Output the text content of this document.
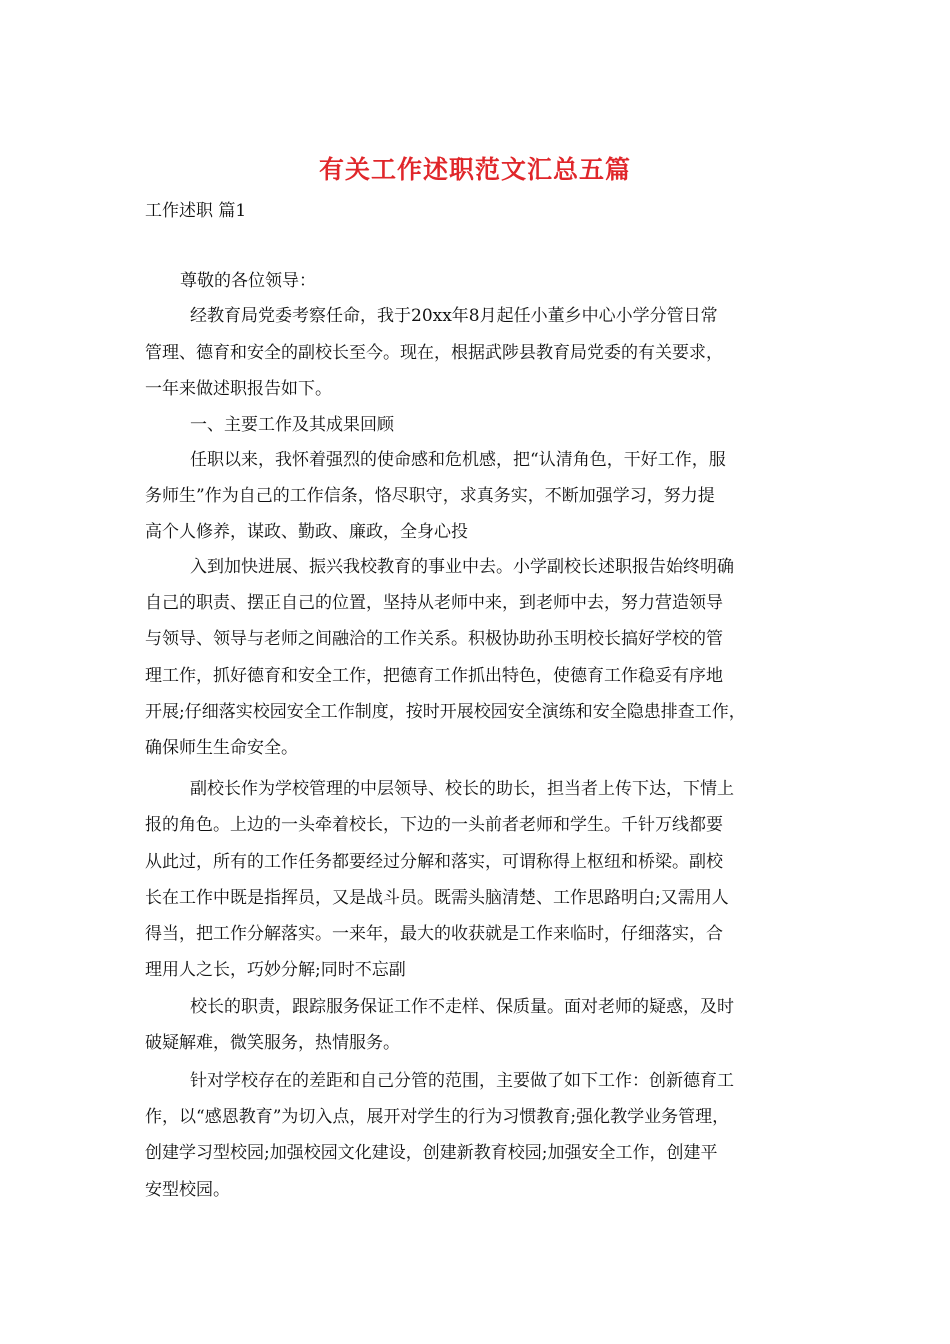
有关工作述职范文汇总五篇
工作述职 篇1
尊敬的各位领导：
经教育局党委考察任命，我于20xx年8月起任小董乡中心小学分管日常
管理、德育和安全的副校长至今。现在，根据武陟县教育局党委的有关要求，
一年来做述职报告如下。
一、主要工作及其成果回顾
任职以来，我怀着强烈的使命感和危机感，把“认清角色，干好工作，服
务师生”作为自己的工作信条，恪尽职守，求真务实，不断加强学习，努力提
高个人修养，谋政、勤政、廉政，全身心投
入到加快进展、振兴我校教育的事业中去。小学副校长述职报告始终明确
自己的职责、摆正自己的位置，坚持从老师中来，到老师中去，努力营造领导
与领导、领导与老师之间融洽的工作关系。积极协助孙玉明校长搞好学校的管
理工作，抓好德育和安全工作，把德育工作抓出特色，使德育工作稳妥有序地
开展;仔细落实校园安全工作制度，按时开展校园安全演练和安全隐患排查工作，
确保师生生命安全。
副校长作为学校管理的中层领导、校长的助长，担当者上传下达，下情上
报的角色。上边的一头牵着校长，下边的一头前者老师和学生。千针万线都要
从此过，所有的工作任务都要经过分解和落实，可谓称得上枢纽和桥梁。副校
长在工作中既是指挥员，又是战斗员。既需头脑清楚、工作思路明白;又需用人
得当，把工作分解落实。一来年，最大的收获就是工作来临时，仔细落实，合
理用人之长，巧妙分解;同时不忘副
校长的职责，跟踪服务保证工作不走样、保质量。面对老师的疑惑，及时
破疑解难，微笑服务，热情服务。
针对学校存在的差距和自己分管的范围，主要做了如下工作：创新德育工
作，以“感恩教育”为切入点，展开对学生的行为习惯教育;强化教学业务管理，
创建学习型校园;加强校园文化建设，创建新教育校园;加强安全工作，创建平
安型校园。
